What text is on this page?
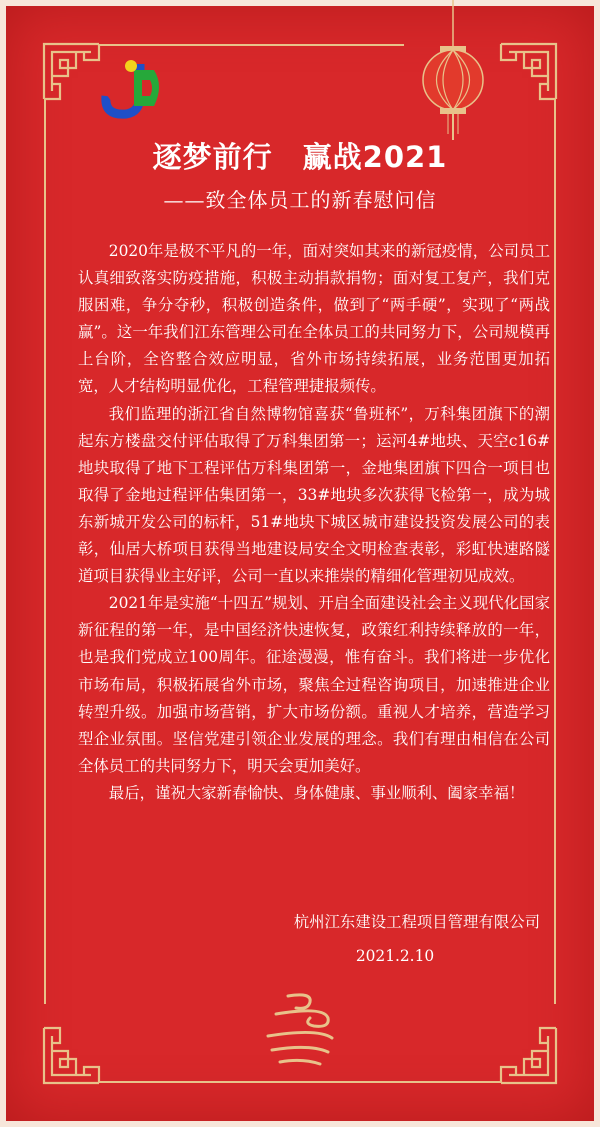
逐梦前行　赢战2021
——致全体员工的新春慰问信

2020年是极不平凡的一年，面对突如其来的新冠疫情，公司员工认真细致落实防疫措施，积极主动捐款捐物；面对复工复产，我们克服困难，争分夺秒，积极创造条件，做到了“两手硬”，实现了“两战赢”。这一年我们江东管理公司在全体员工的共同努力下，公司规模再上台阶，全咨整合效应明显，省外市场持续拓展，业务范围更加拓宽，人才结构明显优化，工程管理捷报频传。

我们监理的浙江省自然博物馆喜获“鲁班杯”，万科集团旗下的潮起东方楼盘交付评估取得了万科集团第一；运河4#地块、天空c16#地块取得了地下工程评估万科集团第一，金地集团旗下四合一项目也取得了金地过程评估集团第一，33#地块多次获得飞检第一，成为城东新城开发公司的标杆，51#地块下城区城市建设投资发展公司的表彰，仙居大桥项目获得当地建设局安全文明检查表彰，彩虹快速路隧道项目获得业主好评，公司一直以来推崇的精细化管理初见成效。

2021年是实施“十四五”规划、开启全面建设社会主义现代化国家新征程的第一年，是中国经济快速恢复，政策红利持续释放的一年，也是我们党成立100周年。征途漫漫，惟有奋斗。我们将进一步优化市场布局，积极拓展省外市场，聚焦全过程咨询项目，加速推进企业转型升级。加强市场营销，扩大市场份额。重视人才培养，营造学习型企业氛围。坚信党建引领企业发展的理念。我们有理由相信在公司全体员工的共同努力下，明天会更加美好。

最后，谨祝大家新春愉快、身体健康、事业顺利、阖家幸福！

杭州江东建设工程项目管理有限公司
2021.2.10
